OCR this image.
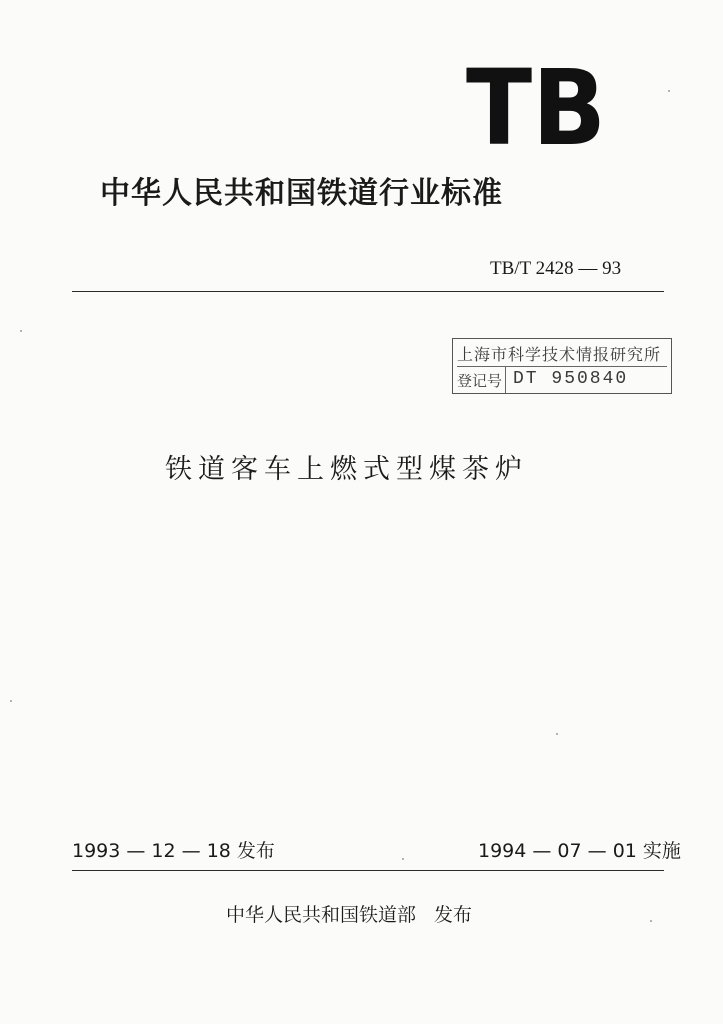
TB
中华人民共和国铁道行业标准
TB/T 2428 — 93
上海市科学技术情报研究所
登记号 DT 950840
铁道客车上燃式型煤茶炉
1993 — 12 — 18 发布	1994 — 07 — 01 实施
中华人民共和国铁道部 发布
